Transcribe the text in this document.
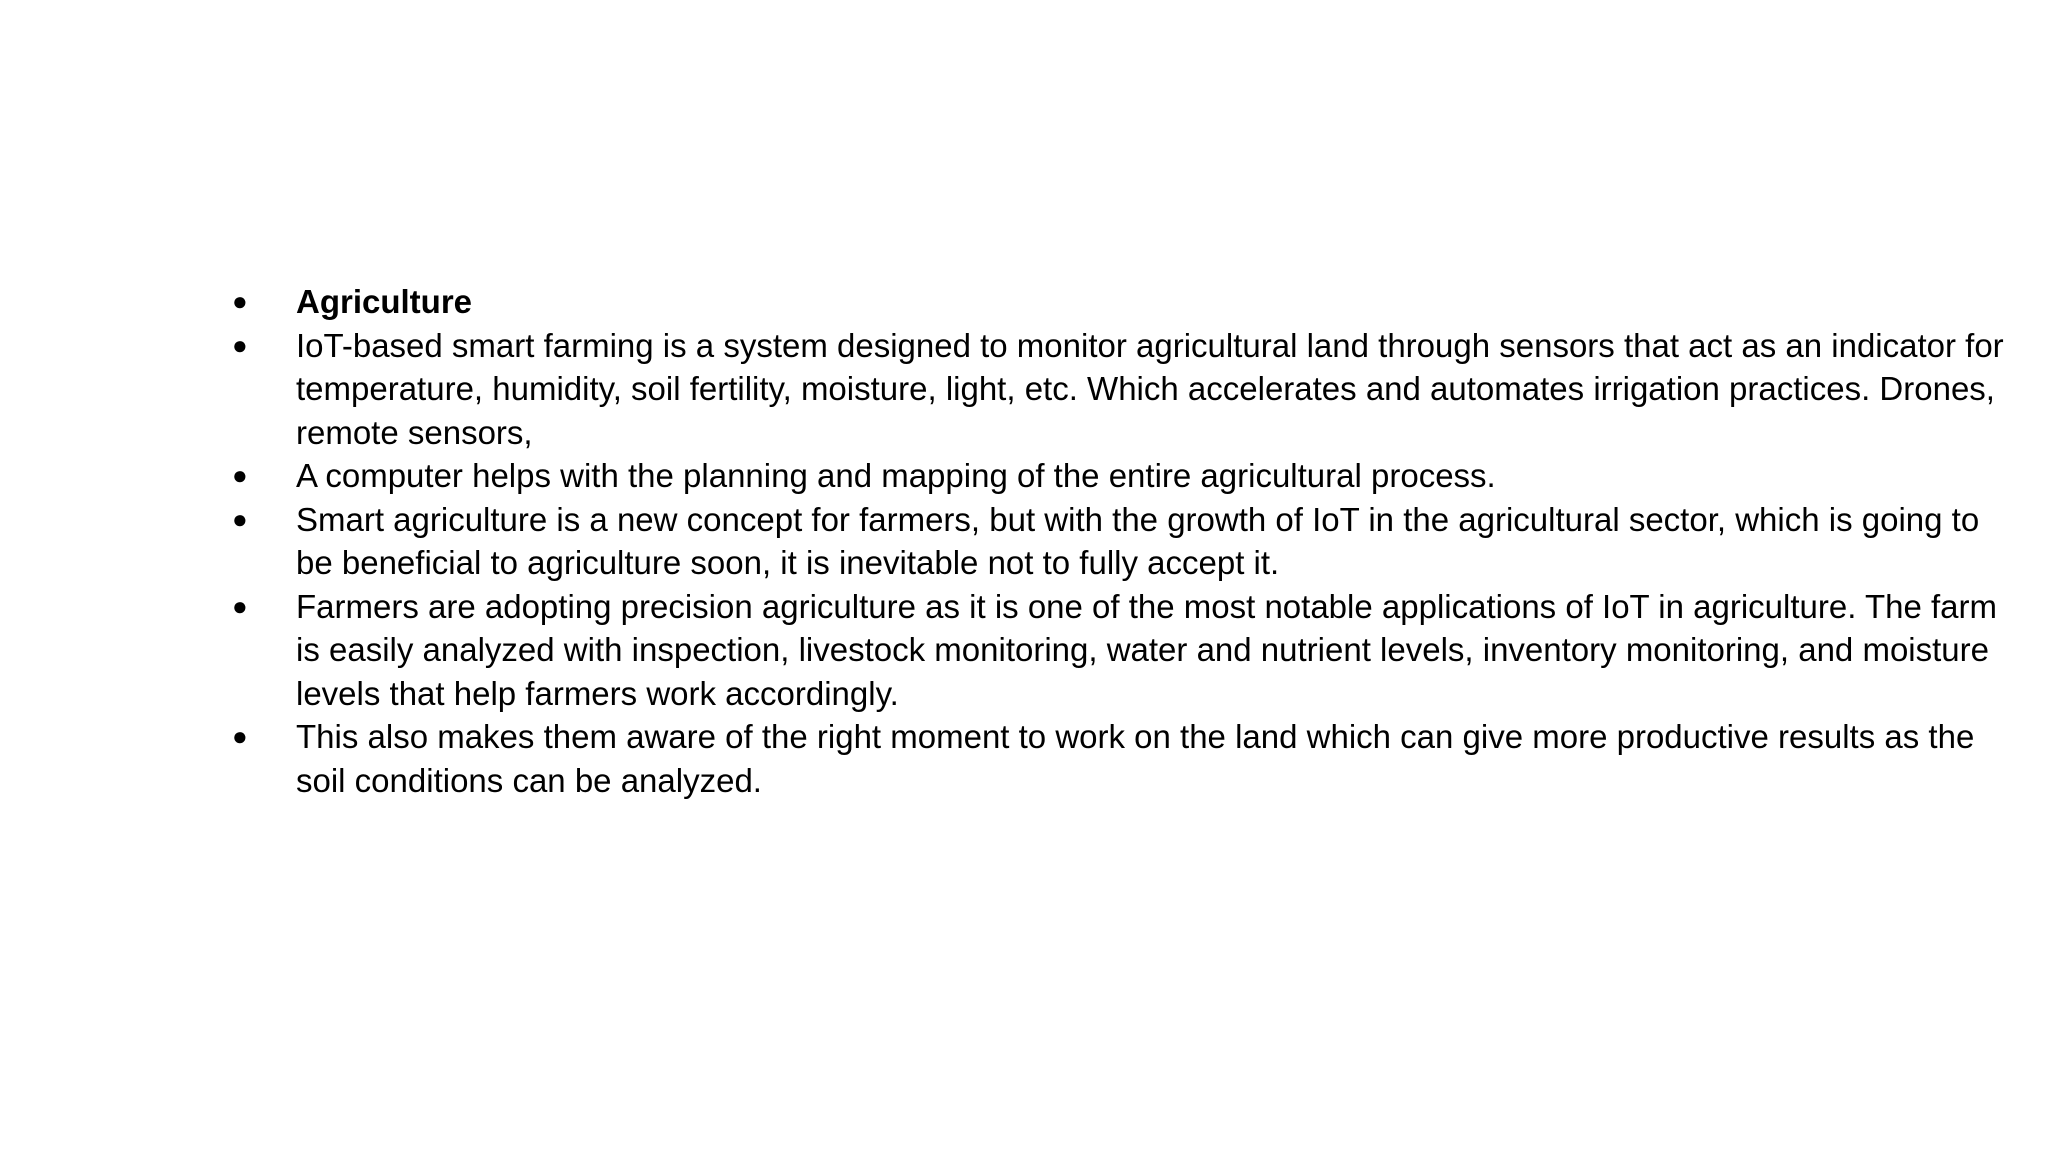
● Agriculture
● IoT-based smart farming is a system designed to monitor agricultural land through sensors that act as an indicator for temperature, humidity, soil fertility, moisture, light, etc. Which accelerates and automates irrigation practices. Drones, remote sensors,
● A computer helps with the planning and mapping of the entire agricultural process.
● Smart agriculture is a new concept for farmers, but with the growth of IoT in the agricultural sector, which is going to be beneficial to agriculture soon, it is inevitable not to fully accept it.
● Farmers are adopting precision agriculture as it is one of the most notable applications of IoT in agriculture. The farm is easily analyzed with inspection, livestock monitoring, water and nutrient levels, inventory monitoring, and moisture levels that help farmers work accordingly.
● This also makes them aware of the right moment to work on the land which can give more productive results as the soil conditions can be analyzed.
